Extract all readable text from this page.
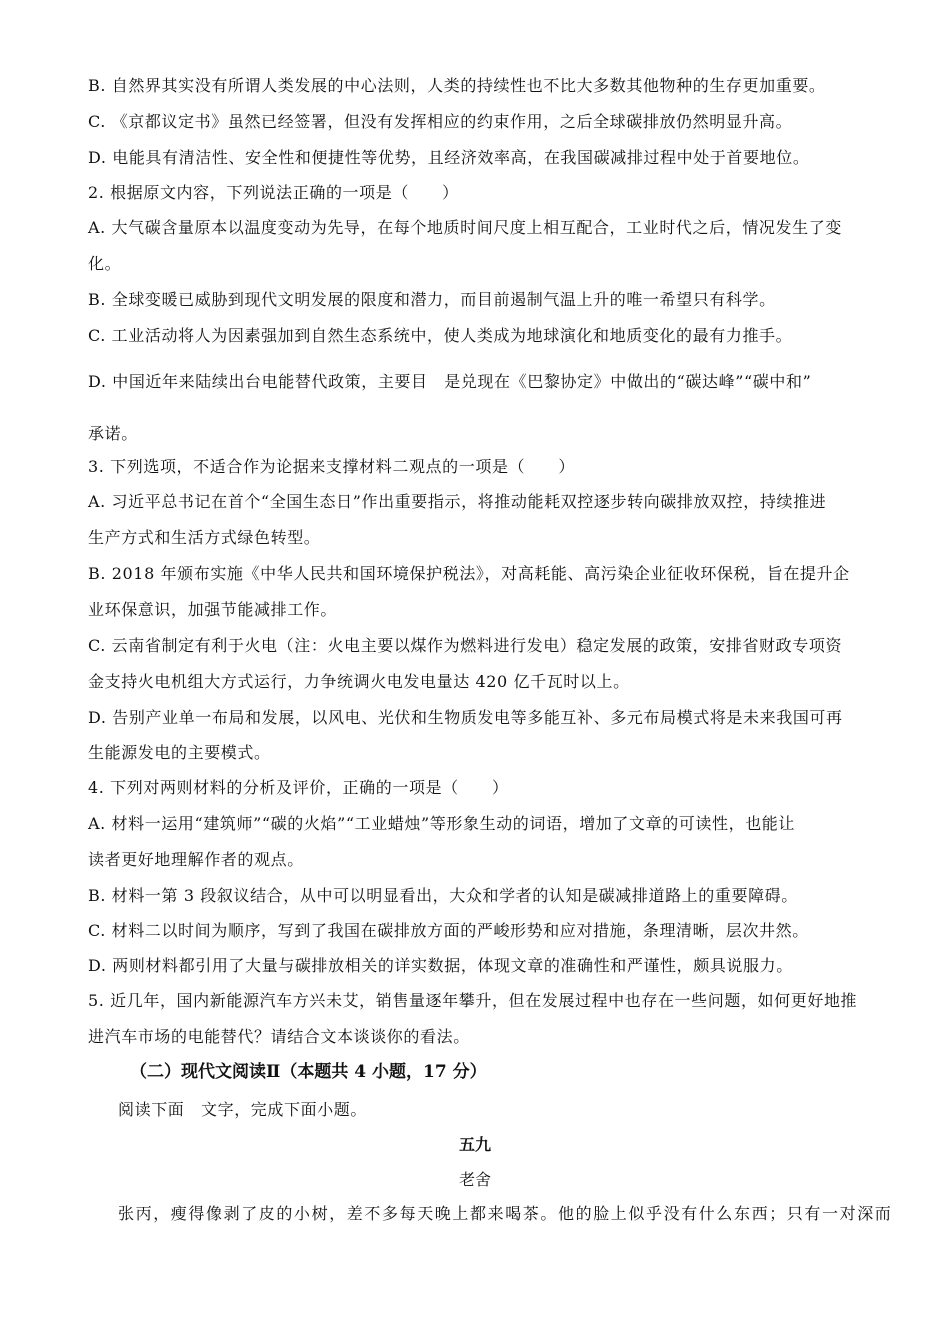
B. 自然界其实没有所谓人类发展的中心法则，人类的持续性也不比大多数其他物种的生存更加重要。
C. 《京都议定书》虽然已经签署，但没有发挥相应的约束作用，之后全球碳排放仍然明显升高。
D. 电能具有清洁性、安全性和便捷性等优势，且经济效率高，在我国碳减排过程中处于首要地位。
2. 根据原文内容，下列说法正确的一项是（　　）
A. 大气碳含量原本以温度变动为先导，在每个地质时间尺度上相互配合，工业时代之后，情况发生了变
化。
B. 全球变暖已威胁到现代文明发展的限度和潜力，而目前遏制气温上升的唯一希望只有科学。
C. 工业活动将人为因素强加到自然生态系统中，使人类成为地球演化和地质变化的最有力推手。
D. 中国近年来陆续出台电能替代政策，主要目　是兑现在《巴黎协定》中做出的“碳达峰”“碳中和”
承诺。
3. 下列选项，不适合作为论据来支撑材料二观点的一项是（　　）
A. 习近平总书记在首个“全国生态日”作出重要指示，将推动能耗双控逐步转向碳排放双控，持续推进
生产方式和生活方式绿色转型。
B. 2018 年颁布实施《中华人民共和国环境保护税法》，对高耗能、高污染企业征收环保税，旨在提升企
业环保意识，加强节能减排工作。
C. 云南省制定有利于火电（注：火电主要以煤作为燃料进行发电）稳定发展的政策，安排省财政专项资
金支持火电机组大方式运行，力争统调火电发电量达 420 亿千瓦时以上。
D. 告别产业单一布局和发展，以风电、光伏和生物质发电等多能互补、多元布局模式将是未来我国可再
生能源发电的主要模式。
4. 下列对两则材料的分析及评价，正确的一项是（　　）
A. 材料一运用“建筑师”“碳的火焰”“工业蜡烛”等形象生动的词语，增加了文章的可读性，也能让
读者更好地理解作者的观点。
B. 材料一第 3 段叙议结合，从中可以明显看出，大众和学者的认知是碳减排道路上的重要障碍。
C. 材料二以时间为顺序，写到了我国在碳排放方面的严峻形势和应对措施，条理清晰，层次井然。
D. 两则材料都引用了大量与碳排放相关的详实数据，体现文章的准确性和严谨性，颇具说服力。
5. 近几年，国内新能源汽车方兴未艾，销售量逐年攀升，但在发展过程中也存在一些问题，如何更好地推
进汽车市场的电能替代？请结合文本谈谈你的看法。
（二）现代文阅读Ⅱ（本题共 4 小题，17 分）
阅读下面　文字，完成下面小题。
五九
老舍
张丙，瘦得像剥了皮的小树，差不多每天晚上都来喝茶。他的脸上似乎没有什么东西；只有一对深而
